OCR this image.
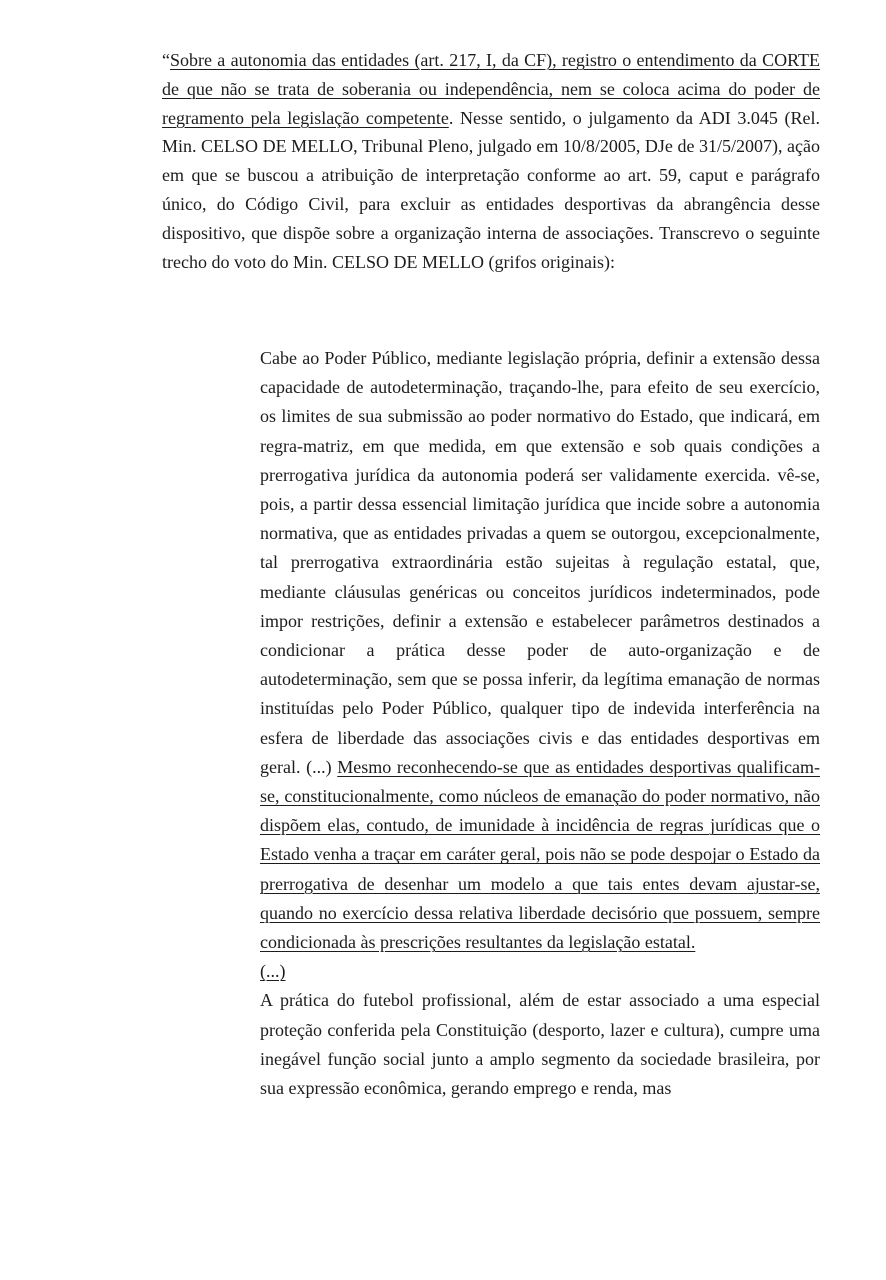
“Sobre a autonomia das entidades (art. 217, I, da CF), registro o entendimento da CORTE de que não se trata de soberania ou independência, nem se coloca acima do poder de regramento pela legislação competente. Nesse sentido, o julgamento da ADI 3.045 (Rel. Min. CELSO DE MELLO, Tribunal Pleno, julgado em 10/8/2005, DJe de 31/5/2007), ação em que se buscou a atribuição de interpretação conforme ao art. 59, caput e parágrafo único, do Código Civil, para excluir as entidades desportivas da abrangência desse dispositivo, que dispõe sobre a organização interna de associações. Transcrevo o seguinte trecho do voto do Min. CELSO DE MELLO (grifos originais):

Cabe ao Poder Público, mediante legislação própria, definir a extensão dessa capacidade de autodeterminação, traçando-lhe, para efeito de seu exercício, os limites de sua submissão ao poder normativo do Estado, que indicará, em regra-matriz, em que medida, em que extensão e sob quais condições a prerrogativa jurídica da autonomia poderá ser validamente exercida. vê-se, pois, a partir dessa essencial limitação jurídica que incide sobre a autonomia normativa, que as entidades privadas a quem se outorgou, excepcionalmente, tal prerrogativa extraordinária estão sujeitas à regulação estatal, que, mediante cláusulas genéricas ou conceitos jurídicos indeterminados, pode impor restrições, definir a extensão e estabelecer parâmetros destinados a condicionar a prática desse poder de auto-organização e de autodeterminação, sem que se possa inferir, da legítima emanação de normas instituídas pelo Poder Público, qualquer tipo de indevida interferência na esfera de liberdade das associações civis e das entidades desportivas em geral. (...) Mesmo reconhecendo-se que as entidades desportivas qualificam-se, constitucionalmente, como núcleos de emanação do poder normativo, não dispõem elas, contudo, de imunidade à incidência de regras jurídicas que o Estado venha a traçar em caráter geral, pois não se pode despojar o Estado da prerrogativa de desenhar um modelo a que tais entes devam ajustar-se, quando no exercício dessa relativa liberdade decisório que possuem, sempre condicionada às prescrições resultantes da legislação estatal.

(...)

A prática do futebol profissional, além de estar associado a uma especial proteção conferida pela Constituição (desporto, lazer e cultura), cumpre uma inegável função social junto a amplo segmento da sociedade brasileira, por sua expressão econômica, gerando emprego e renda, mas
